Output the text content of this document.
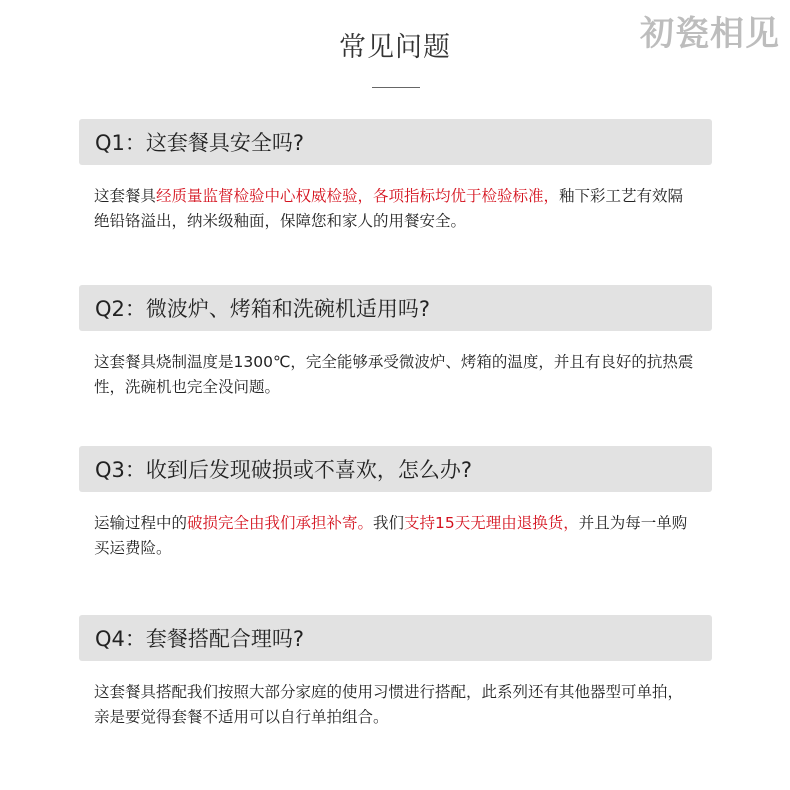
初瓷相见
常见问题
Q1：这套餐具安全吗?
这套餐具经质量监督检验中心权威检验，各项指标均优于检验标准，釉下彩工艺有效隔绝铅铬溢出，纳米级釉面，保障您和家人的用餐安全。
Q2：微波炉、烤箱和洗碗机适用吗?
这套餐具烧制温度是1300℃，完全能够承受微波炉、烤箱的温度，并且有良好的抗热震性，洗碗机也完全没问题。
Q3：收到后发现破损或不喜欢，怎么办?
运输过程中的破损完全由我们承担补寄。我们支持15天无理由退换货，并且为每一单购买运费险。
Q4：套餐搭配合理吗?
这套餐具搭配我们按照大部分家庭的使用习惯进行搭配，此系列还有其他器型可单拍，亲是要觉得套餐不适用可以自行单拍组合。
